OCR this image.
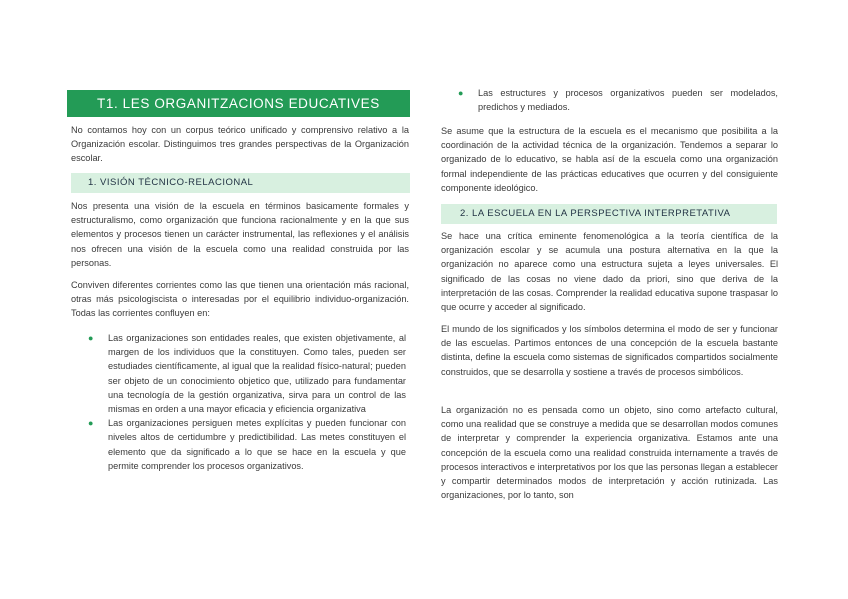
T1. LES ORGANITZACIONS EDUCATIVES

No contamos hoy con un corpus teórico unificado y comprensivo relativo a la Organización escolar. Distinguimos tres grandes perspectivas de la Organización escolar.

1. VISIÓN TÉCNICO-RELACIONAL

Nos presenta una visión de la escuela en términos basicamente formales y estructuralismo, como organización que funciona racionalmente y en la que sus elementos y procesos tienen un carácter instrumental, las reflexiones y el análisis nos ofrecen una visión de la escuela como una realidad construida por las personas.

Conviven diferentes corrientes como las que tienen una orientación más racional, otras más psicologiscista o interesadas por el equilibrio individuo-organización. Todas las corrientes confluyen en:

● Las organizaciones son entidades reales, que existen objetivamente, al margen de los individuos que la constituyen. Como tales, pueden ser estudiades científicamente, al igual que la realidad físico-natural; pueden ser objeto de un conocimiento objetico que, utilizado para fundamentar una tecnología de la gestión organizativa, sirva para un control de las mismas en orden a una mayor eficacia y eficiencia organizativa
● Las organizaciones persiguen metes explícitas y pueden funcionar con niveles altos de certidumbre y predictibilidad. Las metes constituyen el elemento que da significado a lo que se hace en la escuela y que permite comprender los procesos organizativos.
● Las estructures y procesos organizativos pueden ser modelados, predichos y mediados.

Se asume que la estructura de la escuela es el mecanismo que posibilita a la coordinación de la actividad técnica de la organización. Tendemos a separar lo organizado de lo educativo, se habla así de la escuela como una organización formal independiente de las prácticas educatives que ocurren y del consiguiente componente ideológico.

2. LA ESCUELA EN LA PERSPECTIVA INTERPRETATIVA

Se hace una crítica eminente fenomenológica a la teoría científica de la organización escolar y se acumula una postura alternativa en la que la organización no aparece como una estructura sujeta a leyes universales. El significado de las cosas no viene dado da priori, sino que deriva de la interpretación de las cosas. Comprender la realidad educativa supone traspasar lo que ocurre y acceder al significado.

El mundo de los significados y los símbolos determina el modo de ser y funcionar de las escuelas. Partimos entonces de una concepción de la escuela bastante distinta, define la escuela como sistemas de significados compartidos socialmente construidos, que se desarrolla y sostiene a través de procesos simbólicos.

La organización no es pensada como un objeto, sino como artefacto cultural, como una realidad que se construye a medida que se desarrollan modos comunes de interpretar y comprender la experiencia organizativa. Estamos ante una concepción de la escuela como una realidad construida internamente a través de procesos interactivos e interpretativos por los que las personas llegan a establecer y compartir determinados modos de interpretación y acción rutinizada. Las organizaciones, por lo tanto, son
